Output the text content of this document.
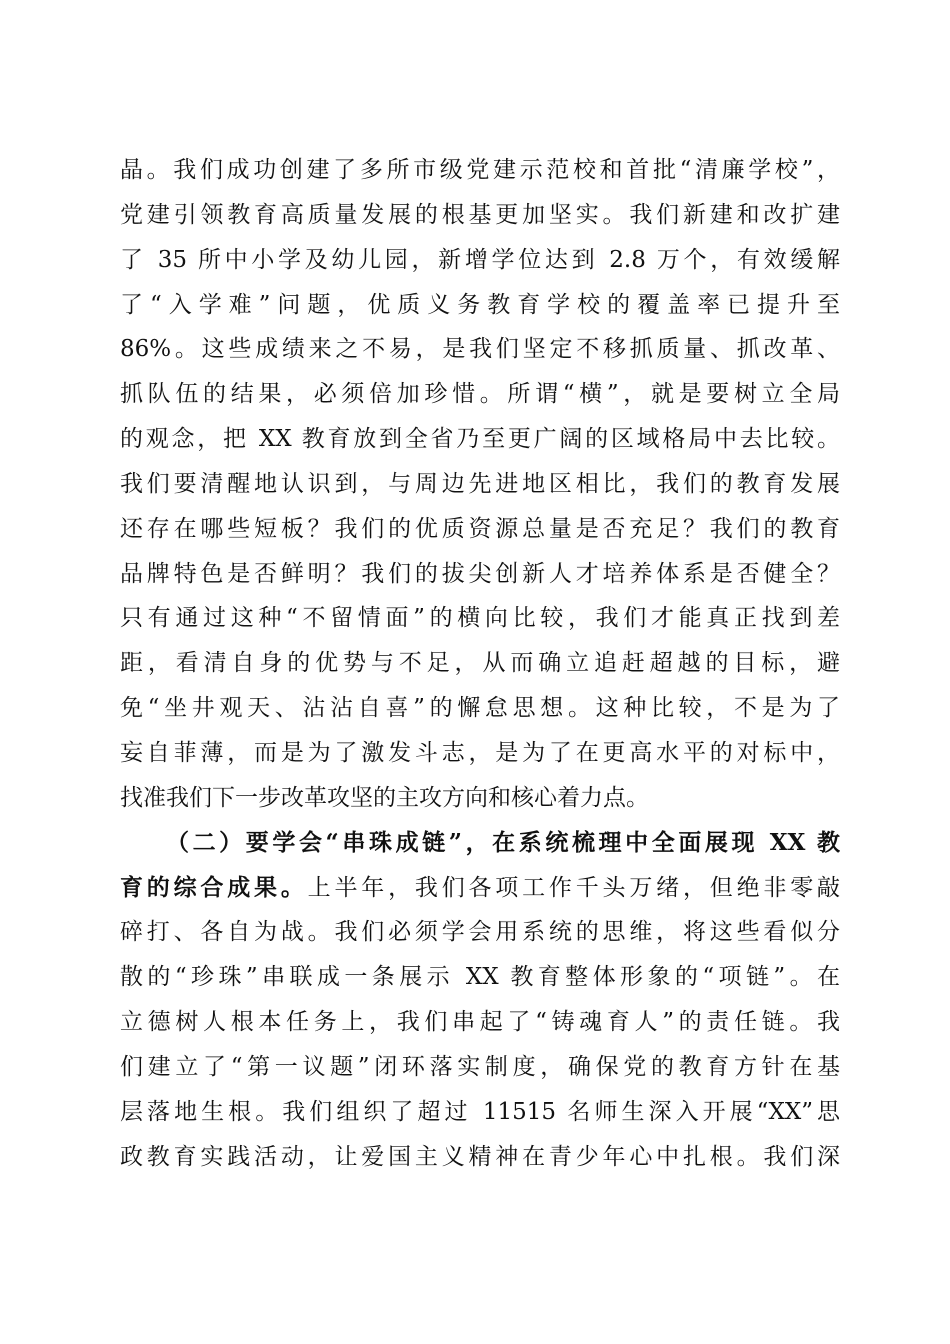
晶。我们成功创建了多所市级党建示范校和首批“清廉学校”，
党建引领教育高质量发展的根基更加坚实。我们新建和改扩建
了 35 所中小学及幼儿园，新增学位达到 2.8 万个，有效缓解
了“入学难”问题，优质义务教育学校的覆盖率已提升至
86%。这些成绩来之不易，是我们坚定不移抓质量、抓改革、
抓队伍的结果，必须倍加珍惜。所谓“横”，就是要树立全局
的观念，把 XX 教育放到全省乃至更广阔的区域格局中去比较。
我们要清醒地认识到，与周边先进地区相比，我们的教育发展
还存在哪些短板？我们的优质资源总量是否充足？我们的教育
品牌特色是否鲜明？我们的拔尖创新人才培养体系是否健全？
只有通过这种“不留情面”的横向比较，我们才能真正找到差
距，看清自身的优势与不足，从而确立追赶超越的目标，避
免“坐井观天、沾沾自喜”的懈怠思想。这种比较，不是为了
妄自菲薄，而是为了激发斗志，是为了在更高水平的对标中，
找准我们下一步改革攻坚的主攻方向和核心着力点。
（二）要学会“串珠成链”，在系统梳理中全面展现 XX 教
育的综合成果。上半年，我们各项工作千头万绪，但绝非零敲
碎打、各自为战。我们必须学会用系统的思维，将这些看似分
散的“珍珠”串联成一条展示 XX 教育整体形象的“项链”。在
立德树人根本任务上，我们串起了“铸魂育人”的责任链。我
们建立了“第一议题”闭环落实制度，确保党的教育方针在基
层落地生根。我们组织了超过 11515 名师生深入开展“XX”思
政教育实践活动，让爱国主义精神在青少年心中扎根。我们深
